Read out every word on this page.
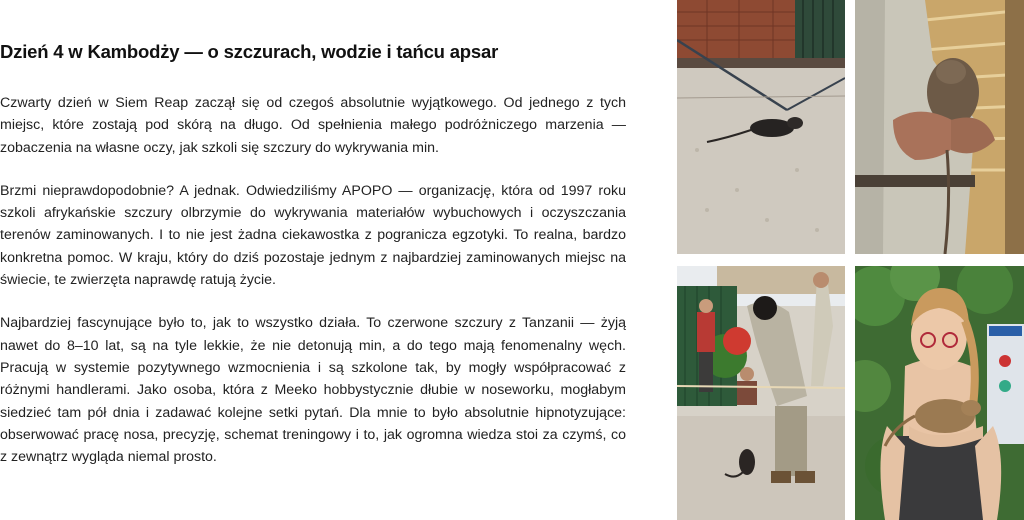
Dzień 4 w Kambodży — o szczurach, wodzie i tańcu apsar

Czwarty dzień w Siem Reap zaczął się od czegoś absolutnie wyjątkowego. Od jednego z tych miejsc, które zostają pod skórą na długo. Od spełnienia małego podróżniczego marzenia — zobaczenia na własne oczy, jak szkoli się szczury do wykrywania min.

Brzmi nieprawdopodobnie? A jednak. Odwiedziliśmy APOPO — organizację, która od 1997 roku szkoli afrykańskie szczury olbrzymie do wykrywania materiałów wybuchowych i oczyszczania terenów zaminowanych. I to nie jest żadna ciekawostka z pogranicza egzotyki. To realna, bardzo konkretna pomoc. W kraju, który do dziś pozostaje jednym z najbardziej zaminowanych miejsc na świecie, te zwierzęta naprawdę ratują życie.

Najbardziej fascynujące było to, jak to wszystko działa. To czerwone szczury z Tanzanii — żyją nawet do 8–10 lat, są na tyle lekkie, że nie detonują min, a do tego mają fenomenalny węch. Pracują w systemie pozytywnego wzmocnienia i są szkolone tak, by mogły współpracować z różnymi handlerami. Jako osoba, która z Meeko hobbystycznie dłubie w noseworku, mogłabym siedzieć tam pół dnia i zadawać kolejne setki pytań. Dla mnie to było absolutnie hipnotyzujące: obserwować pracę nosa, precyzję, schemat treningowy i to, jak ogromna wiedza stoi za czymś, co z zewnątrz wygląda niemal prosto.
